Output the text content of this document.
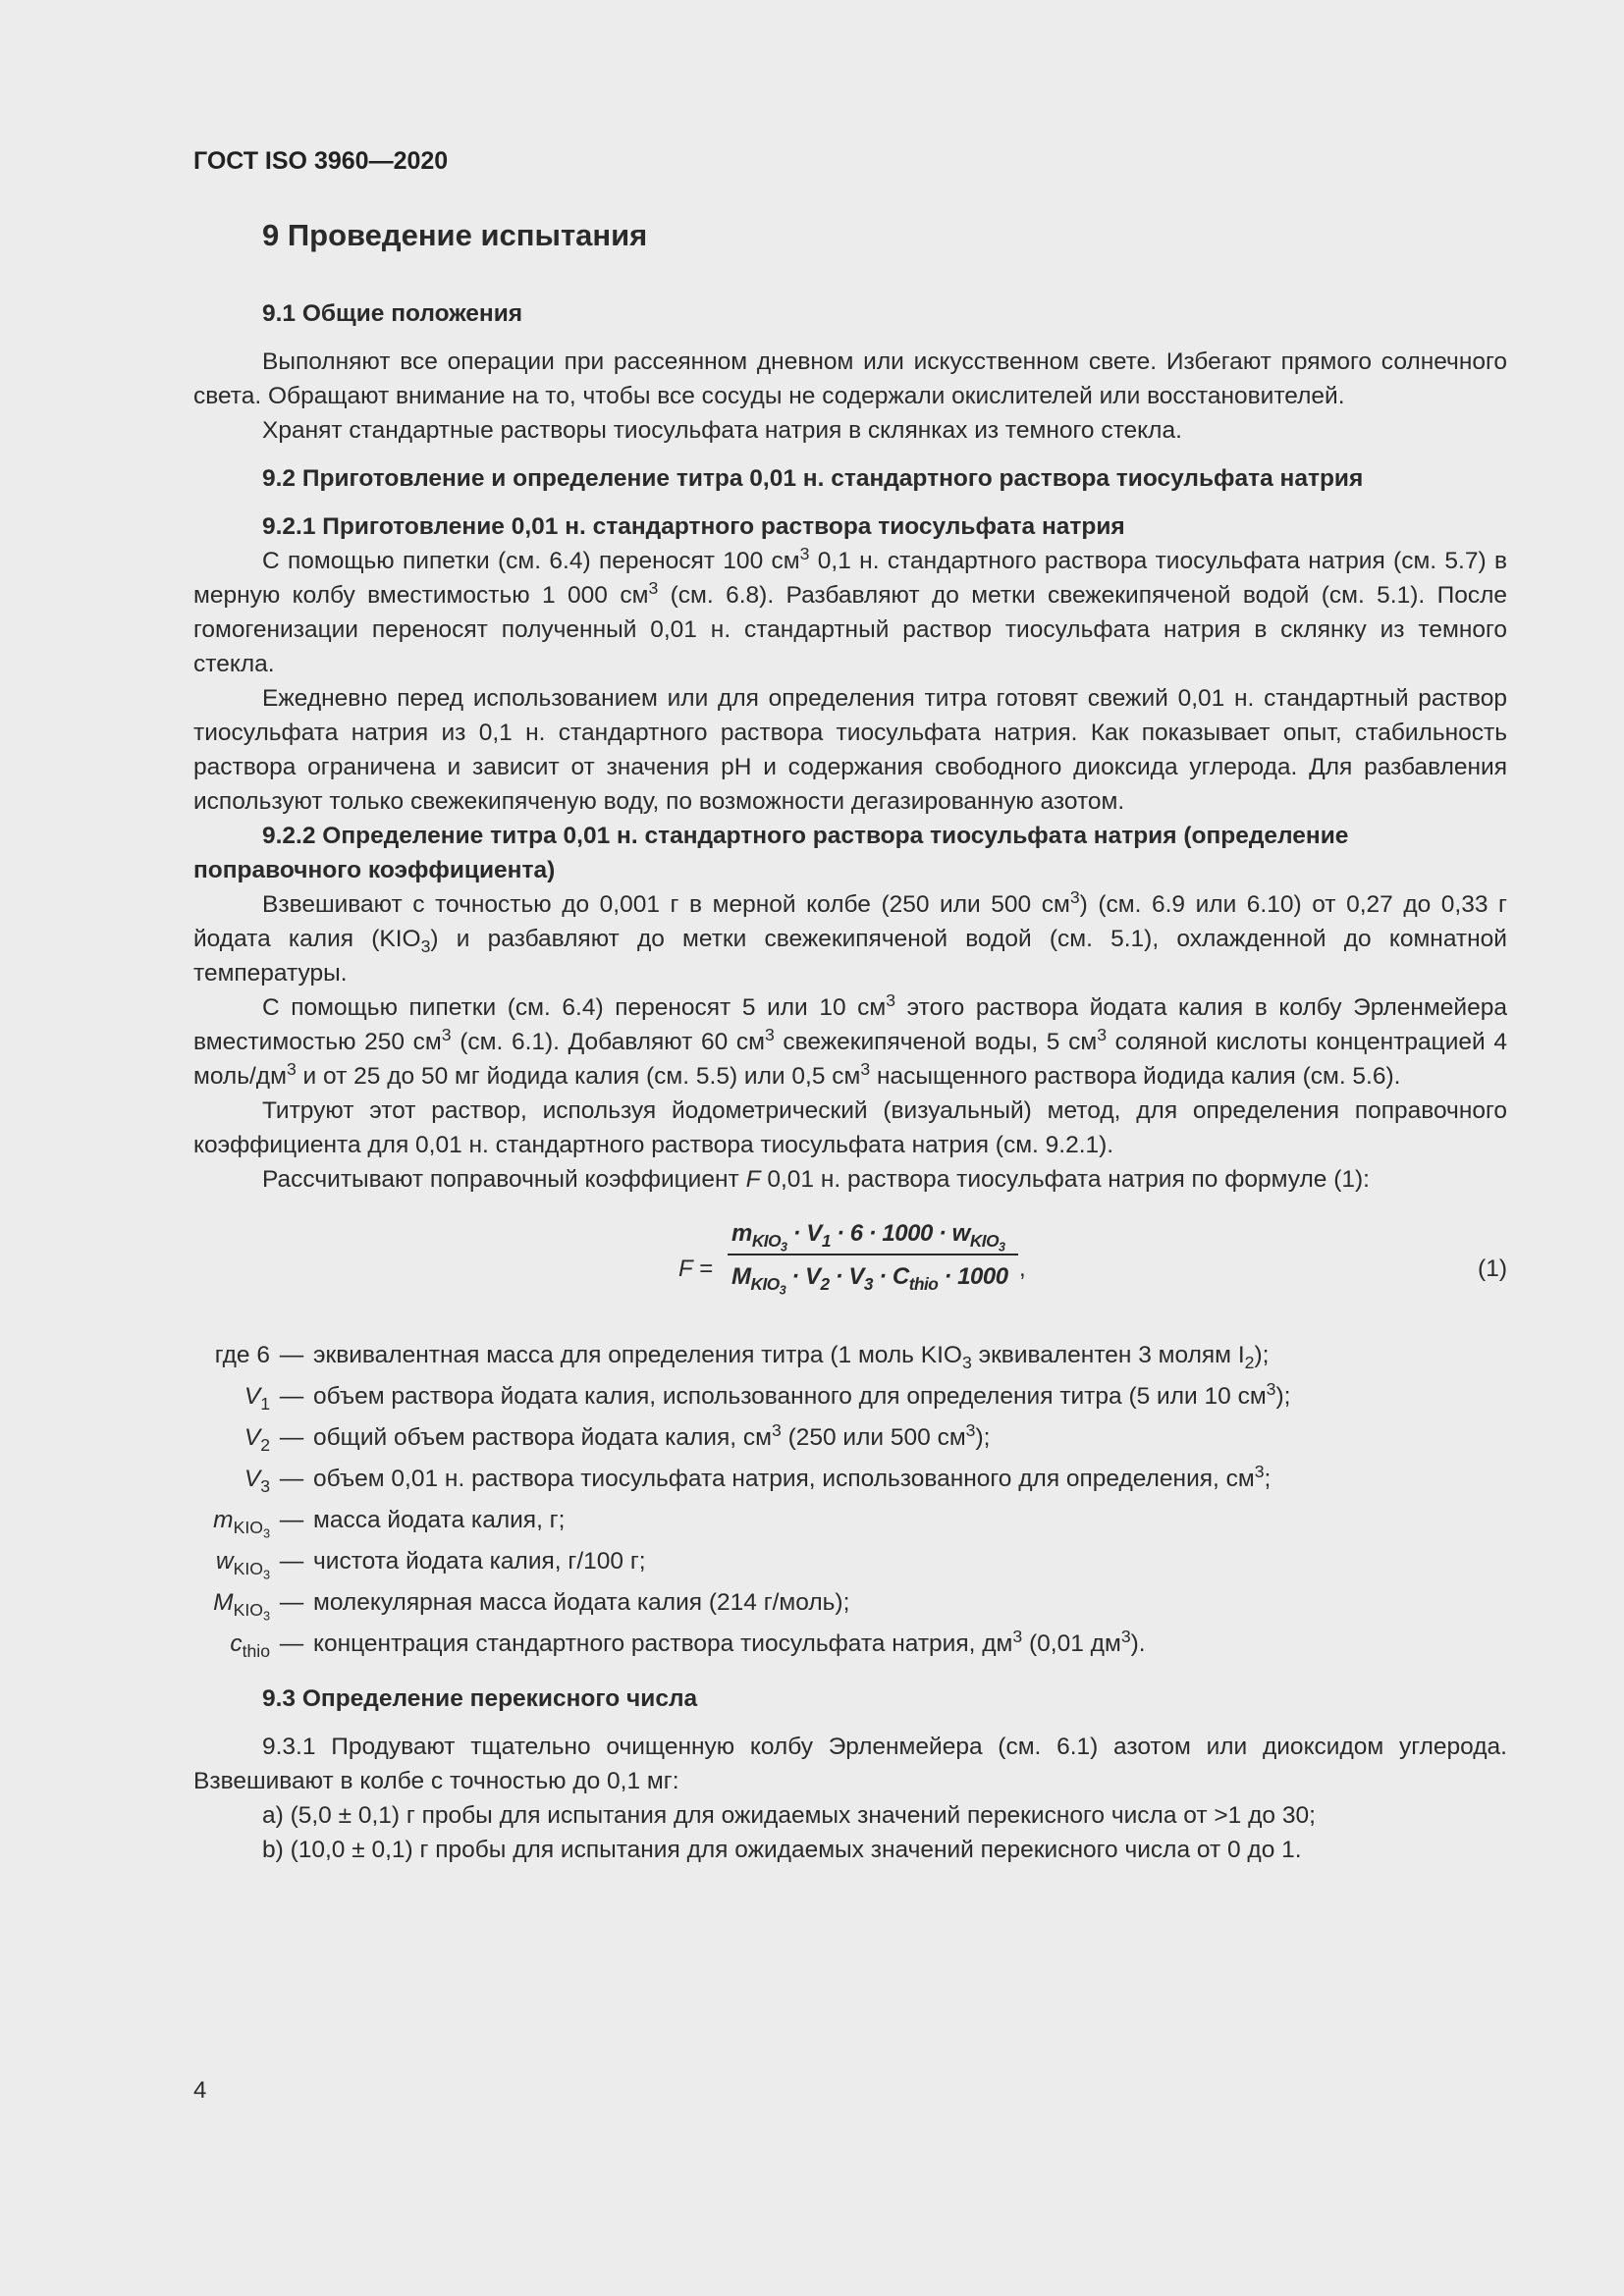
ГОСТ ISO 3960—2020
9 Проведение испытания
9.1 Общие положения

Выполняют все операции при рассеянном дневном или искусственном свете. Избегают прямого солнечного света. Обращают внимание на то, чтобы все сосуды не содержали окислителей или восстановителей.

Хранят стандартные растворы тиосульфата натрия в склянках из темного стекла.

9.2 Приготовление и определение титра 0,01 н. стандартного раствора тиосульфата натрия
9.2.1 Приготовление 0,01 н. стандартного раствора тиосульфата натрия

С помощью пипетки (см. 6.4) переносят 100 $см^3$ 0,1 н. стандартного раствора тиосульфата натрия (см. 5.7) в мерную колбу вместимостью 1 000 $см^3$ (см. 6.8). Разбавляют до метки свежекипяченой водой (см. 5.1). После гомогенизации переносят полученный 0,01 н. стандартный раствор тиосульфата натрия в склянку из темного стекла.

Ежедневно перед использованием или для определения титра готовят свежий 0,01 н. стандартный раствор тиосульфата натрия из 0,1 н. стандартного раствора тиосульфата натрия. Как показывает опыт, стабильность раствора ограничена и зависит от значения pH и содержания свободного диоксида углерода. Для разбавления используют только свежекипяченую воду, по возможности дегазированную азотом.

9.2.2 Определение титра 0,01 н. стандартного раствора тиосульфата натрия (определение поправочного коэффициента)

Взвешивают с точностью до 0,001 г в мерной колбе (250 или 500 $см^3$) (см. 6.9 или 6.10) от 0,27 до 0,33 г йодата калия $(KIO_3)$ и разбавляют до метки свежекипяченой водой (см. 5.1), охлажденной до комнатной температуры.

С помощью пипетки (см. 6.4) переносят 5 или 10 $см^3$ этого раствора йодата калия в колбу Эрленмейера вместимостью 250 $см^3$ (см. 6.1). Добавляют 60 $см^3$ свежекипяченой воды, 5 $см^3$ соляной кислоты концентрацией 4 моль/$дм^3$ и от 25 до 50 мг йодида калия (см. 5.5) или 0,5 $см^3$ насыщенного раствора йодида калия (см. 5.6).

Титруют этот раствор, используя йодометрический (визуальный) метод, для определения поправочного коэффициента для 0,01 н. стандартного раствора тиосульфата натрия (см. 9.2.1).

Рассчитывают поправочный коэффициент F 0,01 н. раствора тиосульфата натрия по формуле (1):

F =
$m_{KIO_3} \cdot V_1 \cdot 6 \cdot 1000 \cdot w_{KIO_3}$
$M_{KIO_3} \cdot V_2 \cdot V_3 \cdot C_{thio} \cdot 1000$ ,	(1)
где 6 — эквивалентная масса для определения титра (1 моль $KIO_3$ эквивалентен 3 молям $I_2$);
$V_1$ — объем раствора йодата калия, использованного для определения титра (5 или 10 $см^3$);
$V_2$ — общий объем раствора йодата калия, $см^3$ (250 или 500 $см^3$);
$V_3$ — объем 0,01 н. раствора тиосульфата натрия, использованного для определения, $см^3$;
$m_{KIO_3}$
— масса йодата калия, г;
$w_{KIO_3}$
— чистота йодата калия, г/100 г;
$M_{KIO_3}$
— молекулярная масса йодата калия (214 г/моль);
$c_{thio}$ — концентрация стандартного раствора тиосульфата натрия, $дм^3$ (0,01 $дм^3$).
9.3 Определение перекисного числа

9.3.1 Продувают тщательно очищенную колбу Эрленмейера (см. 6.1) азотом или диоксидом углерода. Взвешивают в колбе с точностью до 0,1 мг:

a) (5,0 ± 0,1) г пробы для испытания для ожидаемых значений перекисного числа от >1 до 30;

b) (10,0 ± 0,1) г пробы для испытания для ожидаемых значений перекисного числа от 0 до 1.

4
